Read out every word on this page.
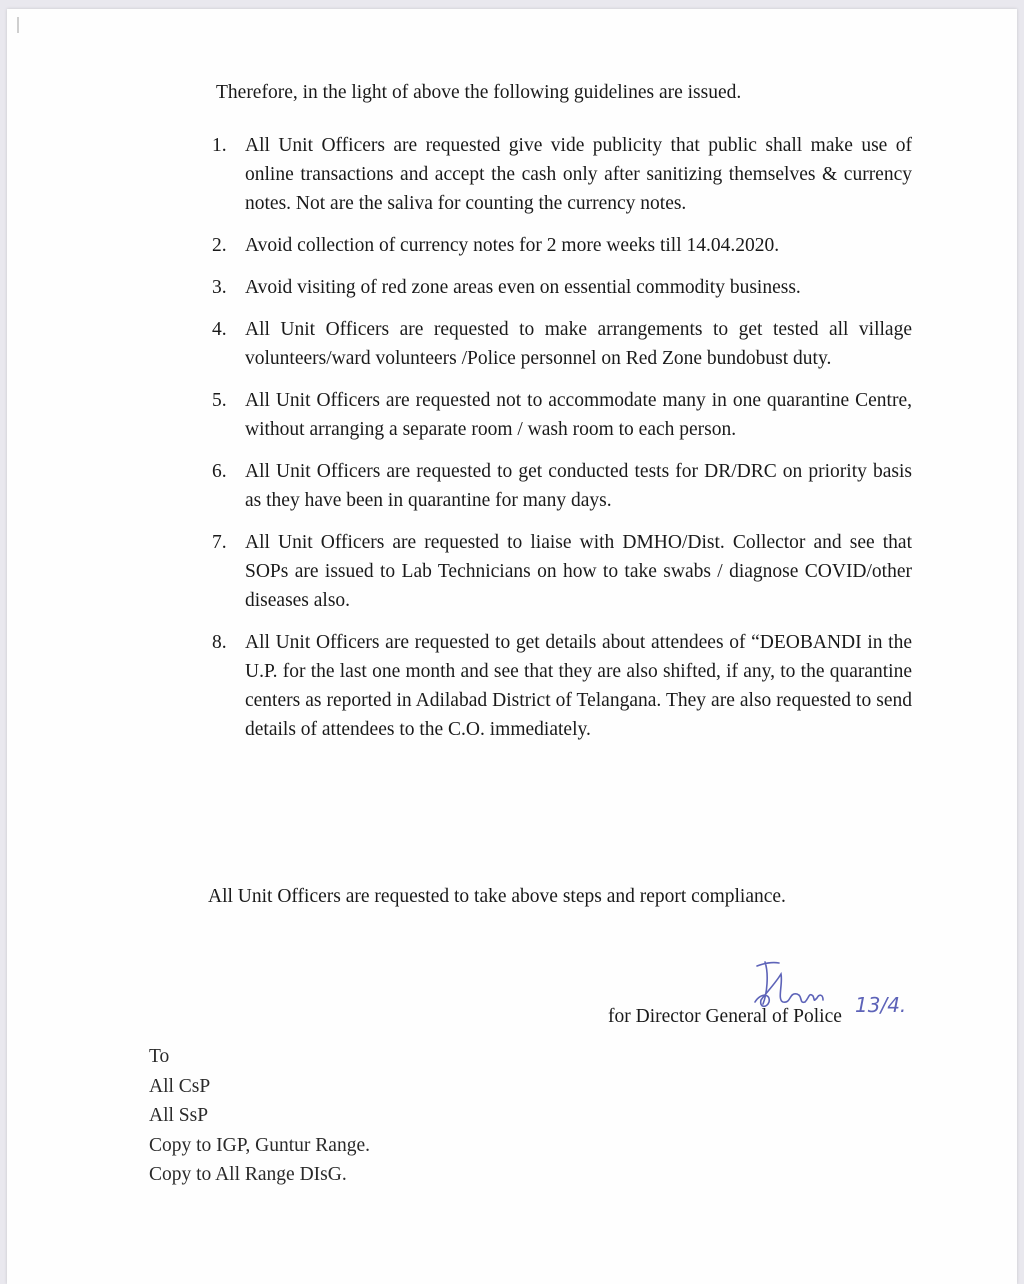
Therefore, in the light of above the following guidelines are issued.
1. All Unit Officers are requested give vide publicity that public shall make use of online transactions and accept the cash only after sanitizing themselves & currency notes. Not are the saliva for counting the currency notes.
2. Avoid collection of currency notes for 2 more weeks till 14.04.2020.
3. Avoid visiting of red zone areas even on essential commodity business.
4. All Unit Officers are requested to make arrangements to get tested all village volunteers/ward volunteers /Police personnel on Red Zone bundobust duty.
5. All Unit Officers are requested not to accommodate many in one quarantine Centre, without arranging a separate room / wash room to each person.
6. All Unit Officers are requested to get conducted tests for DR/DRC on priority basis as they have been in quarantine for many days.
7. All Unit Officers are requested to liaise with DMHO/Dist. Collector and see that SOPs are issued to Lab Technicians on how to take swabs / diagnose COVID/other diseases also.
8. All Unit Officers are requested to get details about attendees of “DEOBANDI in the U.P. for the last one month and see that they are also shifted, if any, to the quarantine centers as reported in Adilabad District of Telangana. They are also requested to send details of attendees to the C.O. immediately.
All Unit Officers are requested to take above steps and report compliance.
13/4.
for Director General of Police
To
All CsP
All SsP
Copy to IGP, Guntur Range.
Copy to All Range DIsG.
